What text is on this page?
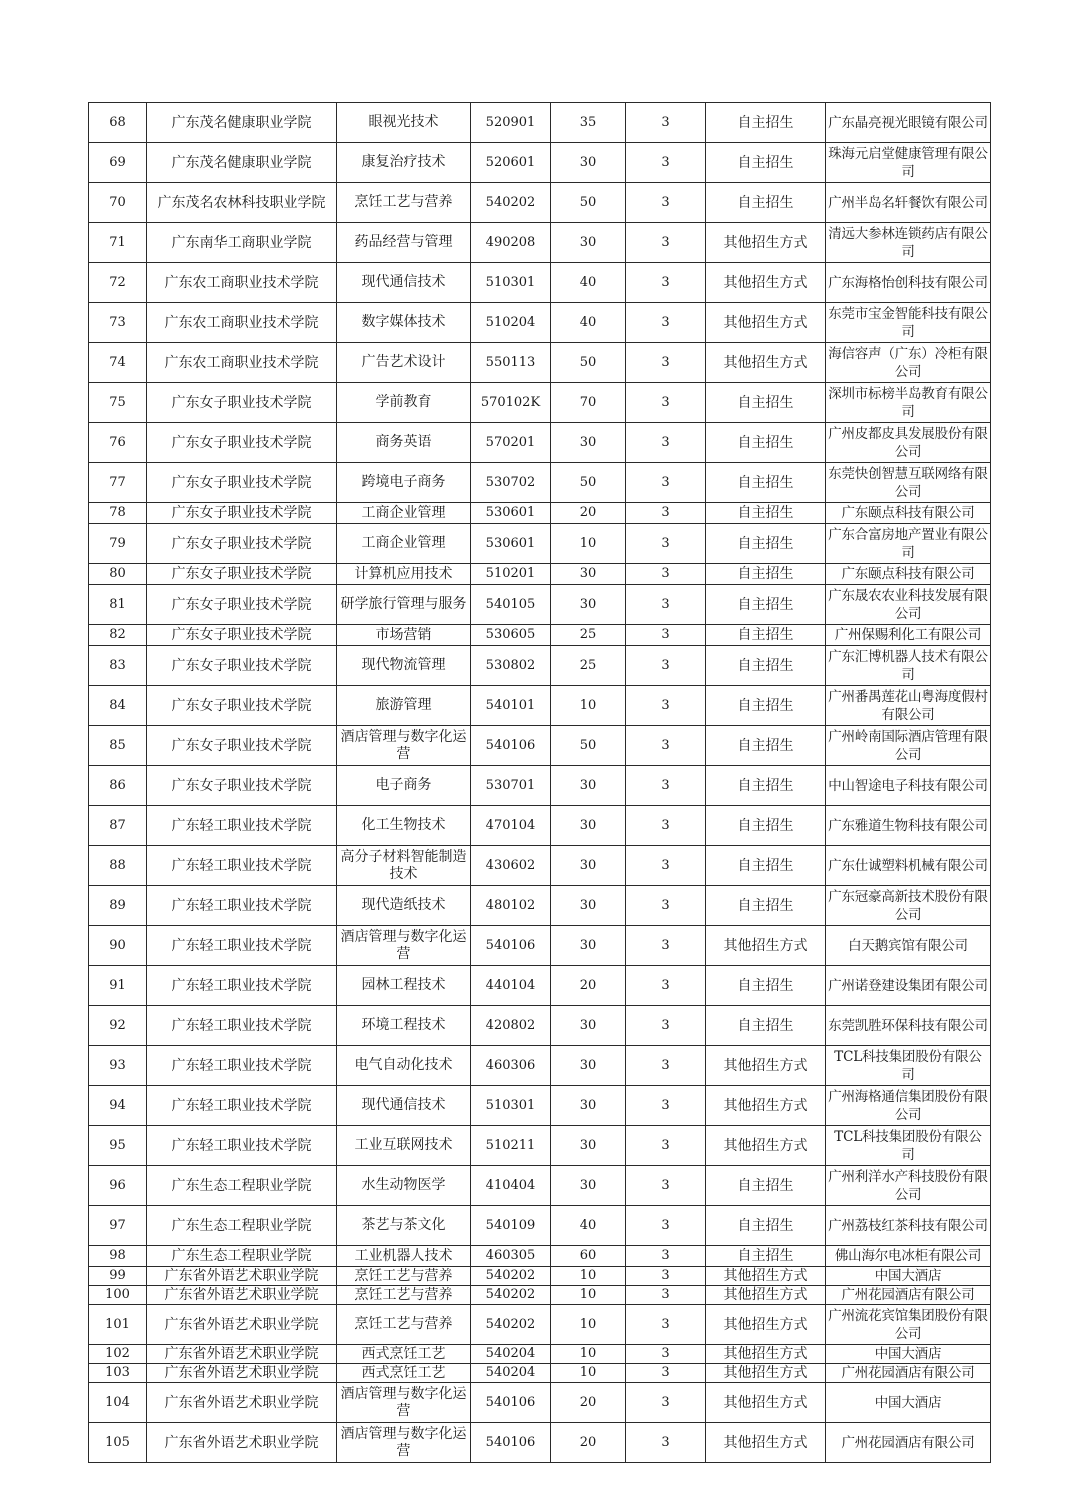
68	广东茂名健康职业学院	眼视光技术	520901	35	3	自主招生	广东晶亮视光眼镜有限公司
69	广东茂名健康职业学院	康复治疗技术	520601	30	3	自主招生	珠海元启堂健康管理有限公司
70	广东茂名农林科技职业学院	烹饪工艺与营养	540202	50	3	自主招生	广州半岛名轩餐饮有限公司
71	广东南华工商职业学院	药品经营与管理	490208	30	3	其他招生方式	清远大参林连锁药店有限公司
72	广东农工商职业技术学院	现代通信技术	510301	40	3	其他招生方式	广东海格怡创科技有限公司
73	广东农工商职业技术学院	数字媒体技术	510204	40	3	其他招生方式	东莞市宝金智能科技有限公司
74	广东农工商职业技术学院	广告艺术设计	550113	50	3	其他招生方式	海信容声（广东）冷柜有限公司
75	广东女子职业技术学院	学前教育	570102K	70	3	自主招生	深圳市标榜半岛教育有限公司
76	广东女子职业技术学院	商务英语	570201	30	3	自主招生	广州皮都皮具发展股份有限公司
77	广东女子职业技术学院	跨境电子商务	530702	50	3	自主招生	东莞快创智慧互联网络有限公司
78	广东女子职业技术学院	工商企业管理	530601	20	3	自主招生	广东颐点科技有限公司
79	广东女子职业技术学院	工商企业管理	530601	10	3	自主招生	广东合富房地产置业有限公司
80	广东女子职业技术学院	计算机应用技术	510201	30	3	自主招生	广东颐点科技有限公司
81	广东女子职业技术学院	研学旅行管理与服务	540105	30	3	自主招生	广东晟农农业科技发展有限公司
82	广东女子职业技术学院	市场营销	530605	25	3	自主招生	广州保赐利化工有限公司
83	广东女子职业技术学院	现代物流管理	530802	25	3	自主招生	广东汇博机器人技术有限公司
84	广东女子职业技术学院	旅游管理	540101	10	3	自主招生	广州番禺莲花山粤海度假村有限公司
85	广东女子职业技术学院	酒店管理与数字化运营	540106	50	3	自主招生	广州岭南国际酒店管理有限公司
86	广东女子职业技术学院	电子商务	530701	30	3	自主招生	中山智途电子科技有限公司
87	广东轻工职业技术学院	化工生物技术	470104	30	3	自主招生	广东雅道生物科技有限公司
88	广东轻工职业技术学院	高分子材料智能制造技术	430602	30	3	自主招生	广东仕诚塑料机械有限公司
89	广东轻工职业技术学院	现代造纸技术	480102	30	3	自主招生	广东冠豪高新技术股份有限公司
90	广东轻工职业技术学院	酒店管理与数字化运营	540106	30	3	其他招生方式	白天鹅宾馆有限公司
91	广东轻工职业技术学院	园林工程技术	440104	20	3	自主招生	广州诺登建设集团有限公司
92	广东轻工职业技术学院	环境工程技术	420802	30	3	自主招生	东莞凯胜环保科技有限公司
93	广东轻工职业技术学院	电气自动化技术	460306	30	3	其他招生方式	TCL科技集团股份有限公司
94	广东轻工职业技术学院	现代通信技术	510301	30	3	其他招生方式	广州海格通信集团股份有限公司
95	广东轻工职业技术学院	工业互联网技术	510211	30	3	其他招生方式	TCL科技集团股份有限公司
96	广东生态工程职业学院	水生动物医学	410404	30	3	自主招生	广州利洋水产科技股份有限公司
97	广东生态工程职业学院	茶艺与茶文化	540109	40	3	自主招生	广州荔枝红茶科技有限公司
98	广东生态工程职业学院	工业机器人技术	460305	60	3	自主招生	佛山海尔电冰柜有限公司
99	广东省外语艺术职业学院	烹饪工艺与营养	540202	10	3	其他招生方式	中国大酒店
100	广东省外语艺术职业学院	烹饪工艺与营养	540202	10	3	其他招生方式	广州花园酒店有限公司
101	广东省外语艺术职业学院	烹饪工艺与营养	540202	10	3	其他招生方式	广州流花宾馆集团股份有限公司
102	广东省外语艺术职业学院	西式烹饪工艺	540204	10	3	其他招生方式	中国大酒店
103	广东省外语艺术职业学院	西式烹饪工艺	540204	10	3	其他招生方式	广州花园酒店有限公司
104	广东省外语艺术职业学院	酒店管理与数字化运营	540106	20	3	其他招生方式	中国大酒店
105	广东省外语艺术职业学院	酒店管理与数字化运营	540106	20	3	其他招生方式	广州花园酒店有限公司
